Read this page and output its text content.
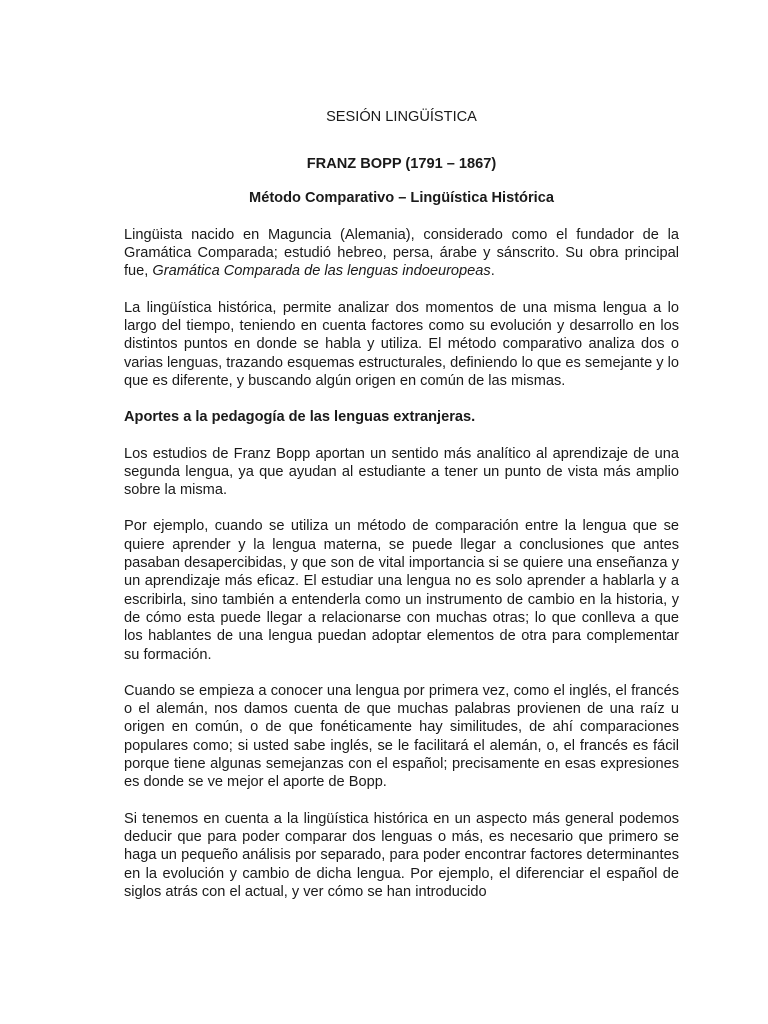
SESIÓN LINGÜÍSTICA
FRANZ BOPP (1791 – 1867)
Método Comparativo – Lingüística Histórica

Lingüista nacido en Maguncia (Alemania), considerado como el fundador de la Gramática Comparada; estudió hebreo, persa, árabe y sánscrito. Su obra principal fue, Gramática Comparada de las lenguas indoeuropeas.

La lingüística histórica, permite analizar dos momentos de una misma lengua a lo largo del tiempo, teniendo en cuenta factores como su evolución y desarrollo en los distintos puntos en donde se habla y utiliza. El método comparativo analiza dos o varias lenguas, trazando esquemas estructurales, definiendo lo que es semejante y lo que es diferente, y buscando algún origen en común de las mismas.

Aportes a la pedagogía de las lenguas extranjeras.

Los estudios de Franz Bopp aportan un sentido más analítico al aprendizaje de una segunda lengua, ya que ayudan al estudiante a tener un punto de vista más amplio sobre la misma.

Por ejemplo, cuando se utiliza un método de comparación entre la lengua que se quiere aprender y la lengua materna, se puede llegar a conclusiones que antes pasaban desapercibidas, y que son de vital importancia si se quiere una enseñanza y un aprendizaje más eficaz. El estudiar una lengua no es solo aprender a hablarla y a escribirla, sino también a entenderla como un instrumento de cambio en la historia, y de cómo esta puede llegar a relacionarse con muchas otras; lo que conlleva a que los hablantes de una lengua puedan adoptar elementos de otra para complementar su formación.

Cuando se empieza a conocer una lengua por primera vez, como el inglés, el francés o el alemán, nos damos cuenta de que muchas palabras provienen de una raíz u origen en común, o de que fonéticamente hay similitudes, de ahí comparaciones populares como; si usted sabe inglés, se le facilitará el alemán, o, el francés es fácil porque tiene algunas semejanzas con el español; precisamente en esas expresiones es donde se ve mejor el aporte de Bopp.

Si tenemos en cuenta a la lingüística histórica en un aspecto más general podemos deducir que para poder comparar dos lenguas o más, es necesario que primero se haga un pequeño análisis por separado, para poder encontrar factores determinantes en la evolución y cambio de dicha lengua. Por ejemplo, el diferenciar el español de siglos atrás con el actual, y ver cómo se han introducido
